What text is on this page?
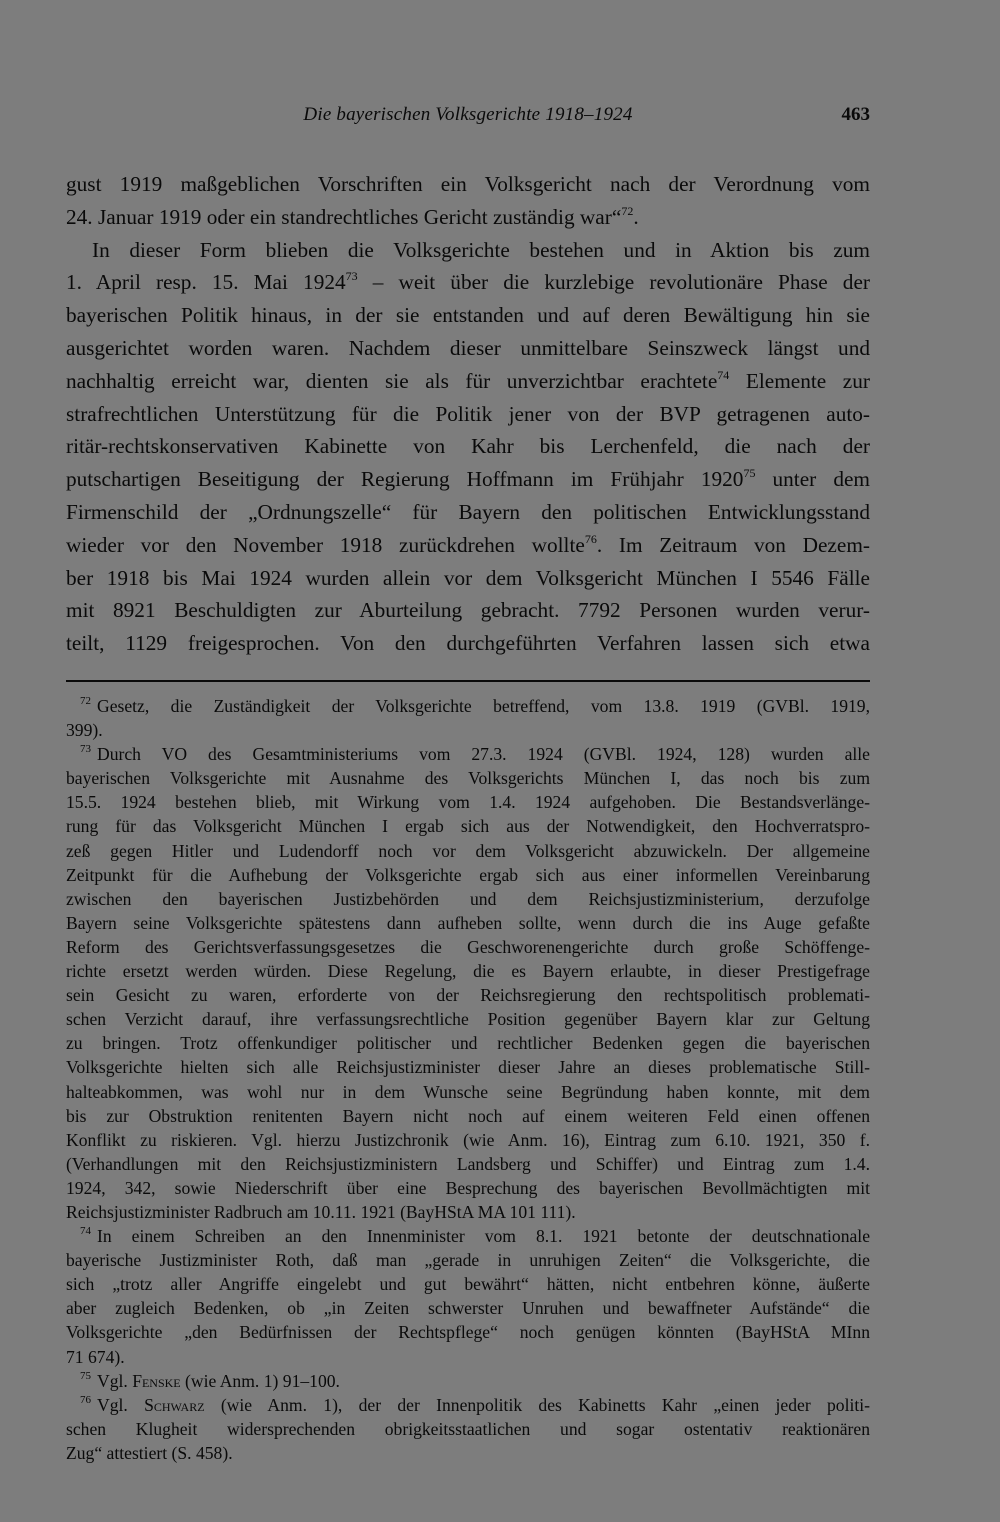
Die bayerischen Volksgerichte 1918–1924	463
gust 1919 maßgeblichen Vorschriften ein Volksgericht nach der Verordnung vom
24. Januar 1919 oder ein standrechtliches Gericht zuständig war“$^{72}$.
In dieser Form blieben die Volksgerichte bestehen und in Aktion bis zum
1. April resp. 15. Mai 1924$^{73}$ – weit über die kurzlebige revolutionäre Phase der
bayerischen Politik hinaus, in der sie entstanden und auf deren Bewältigung hin sie
ausgerichtet worden waren. Nachdem dieser unmittelbare Seinszweck längst und
nachhaltig erreicht war, dienten sie als für unverzichtbar erachtete$^{74}$ Elemente zur
strafrechtlichen Unterstützung für die Politik jener von der BVP getragenen auto-
ritär-rechtskonservativen Kabinette von Kahr bis Lerchenfeld, die nach der
putschartigen Beseitigung der Regierung Hoffmann im Frühjahr 1920$^{75}$ unter dem
Firmenschild der „Ordnungszelle“ für Bayern den politischen Entwicklungsstand
wieder vor den November 1918 zurückdrehen wollte$^{76}$. Im Zeitraum von Dezem-
ber 1918 bis Mai 1924 wurden allein vor dem Volksgericht München I 5546 Fälle
mit 8921 Beschuldigten zur Aburteilung gebracht. 7792 Personen wurden verur-
teilt, 1129 freigesprochen. Von den durchgeführten Verfahren lassen sich etwa
$^{72}$ Gesetz, die Zuständigkeit der Volksgerichte betreffend, vom 13.8. 1919 (GVBl. 1919,
399).
$^{73}$ Durch VO des Gesamtministeriums vom 27.3. 1924 (GVBl. 1924, 128) wurden alle
bayerischen Volksgerichte mit Ausnahme des Volksgerichts München I, das noch bis zum
15.5. 1924 bestehen blieb, mit Wirkung vom 1.4. 1924 aufgehoben. Die Bestandsverlänge-
rung für das Volksgericht München I ergab sich aus der Notwendigkeit, den Hochverratspro-
zeß gegen Hitler und Ludendorff noch vor dem Volksgericht abzuwickeln. Der allgemeine
Zeitpunkt für die Aufhebung der Volksgerichte ergab sich aus einer informellen Vereinbarung
zwischen den bayerischen Justizbehörden und dem Reichsjustizministerium, derzufolge
Bayern seine Volksgerichte spätestens dann aufheben sollte, wenn durch die ins Auge gefaßte
Reform des Gerichtsverfassungsgesetzes die Geschworenengerichte durch große Schöffenge-
richte ersetzt werden würden. Diese Regelung, die es Bayern erlaubte, in dieser Prestigefrage
sein Gesicht zu waren, erforderte von der Reichsregierung den rechtspolitisch problemati-
schen Verzicht darauf, ihre verfassungsrechtliche Position gegenüber Bayern klar zur Geltung
zu bringen. Trotz offenkundiger politischer und rechtlicher Bedenken gegen die bayerischen
Volksgerichte hielten sich alle Reichsjustizminister dieser Jahre an dieses problematische Still-
halteabkommen, was wohl nur in dem Wunsche seine Begründung haben konnte, mit dem
bis zur Obstruktion renitenten Bayern nicht noch auf einem weiteren Feld einen offenen
Konflikt zu riskieren. Vgl. hierzu Justizchronik (wie Anm. 16), Eintrag zum 6.10. 1921, 350 f.
(Verhandlungen mit den Reichsjustizministern Landsberg und Schiffer) und Eintrag zum 1.4.
1924, 342, sowie Niederschrift über eine Besprechung des bayerischen Bevollmächtigten mit
Reichsjustizminister Radbruch am 10.11. 1921 (BayHStA MA 101 111).
$^{74}$ In einem Schreiben an den Innenminister vom 8.1. 1921 betonte der deutschnationale
bayerische Justizminister Roth, daß man „gerade in unruhigen Zeiten“ die Volksgerichte, die
sich „trotz aller Angriffe eingelebt und gut bewährt“ hätten, nicht entbehren könne, äußerte
aber zugleich Bedenken, ob „in Zeiten schwerster Unruhen und bewaffneter Aufstände“ die
Volksgerichte „den Bedürfnissen der Rechtspflege“ noch genügen könnten (BayHStA MInn
71 674).
$^{75}$ Vgl. Fenske (wie Anm. 1) 91–100.
$^{76}$ Vgl. Schwarz (wie Anm. 1), der der Innenpolitik des Kabinetts Kahr „einen jeder politi-
schen Klugheit widersprechenden obrigkeitsstaatlichen und sogar ostentativ reaktionären
Zug“ attestiert (S. 458).
